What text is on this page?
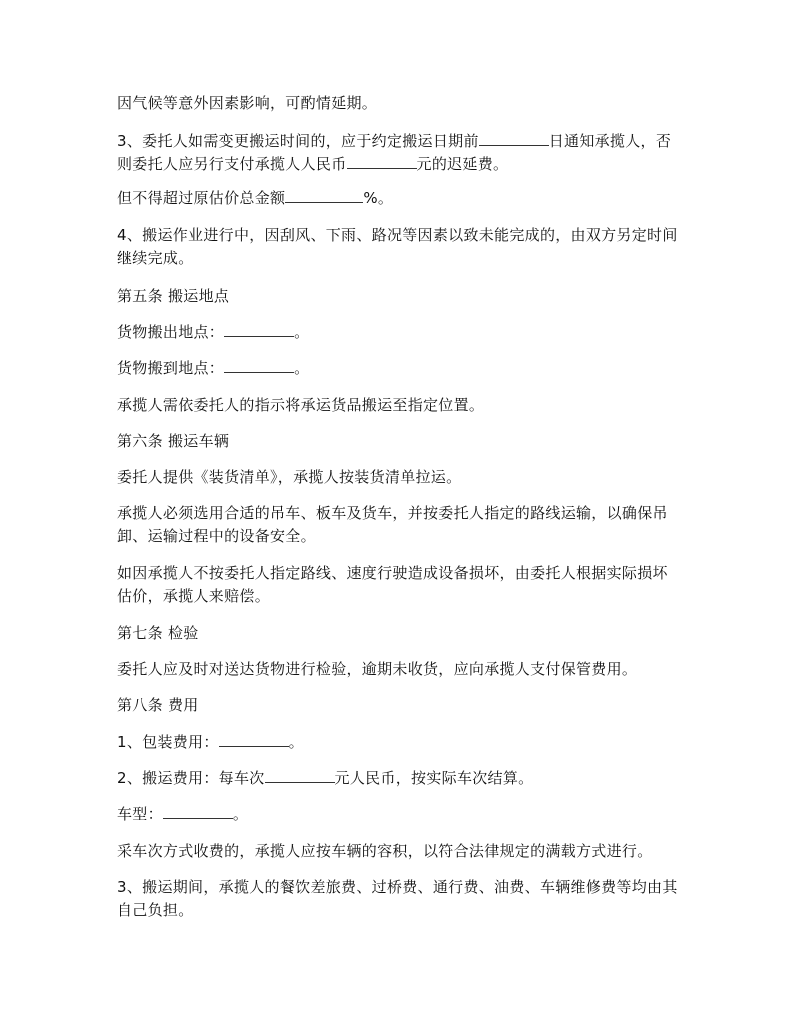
因气候等意外因素影响，可酌情延期。

3、委托人如需变更搬运时间的，应于约定搬运日期前	日通知承揽人，否则委托人应另行支付承揽人人民币	元的迟延费。

但不得超过原估价总金额	%。

4、搬运作业进行中，因刮风、下雨、路况等因素以致未能完成的，由双方另定时间继续完成。

第五条 搬运地点

货物搬出地点：	。

货物搬到地点：	。

承揽人需依委托人的指示将承运货品搬运至指定位置。

第六条 搬运车辆

委托人提供《装货清单》，承揽人按装货清单拉运。

承揽人必须选用合适的吊车、板车及货车，并按委托人指定的路线运输，以确保吊卸、运输过程中的设备安全。

如因承揽人不按委托人指定路线、速度行驶造成设备损坏，由委托人根据实际损坏估价，承揽人来赔偿。

第七条 检验

委托人应及时对送达货物进行检验，逾期未收货，应向承揽人支付保管费用。

第八条 费用

1、包装费用：	。

2、搬运费用：每车次	元人民币，按实际车次结算。

车型：	。

采车次方式收费的，承揽人应按车辆的容积，以符合法律规定的满载方式进行。

3、搬运期间，承揽人的餐饮差旅费、过桥费、通行费、油费、车辆维修费等均由其自己负担。
